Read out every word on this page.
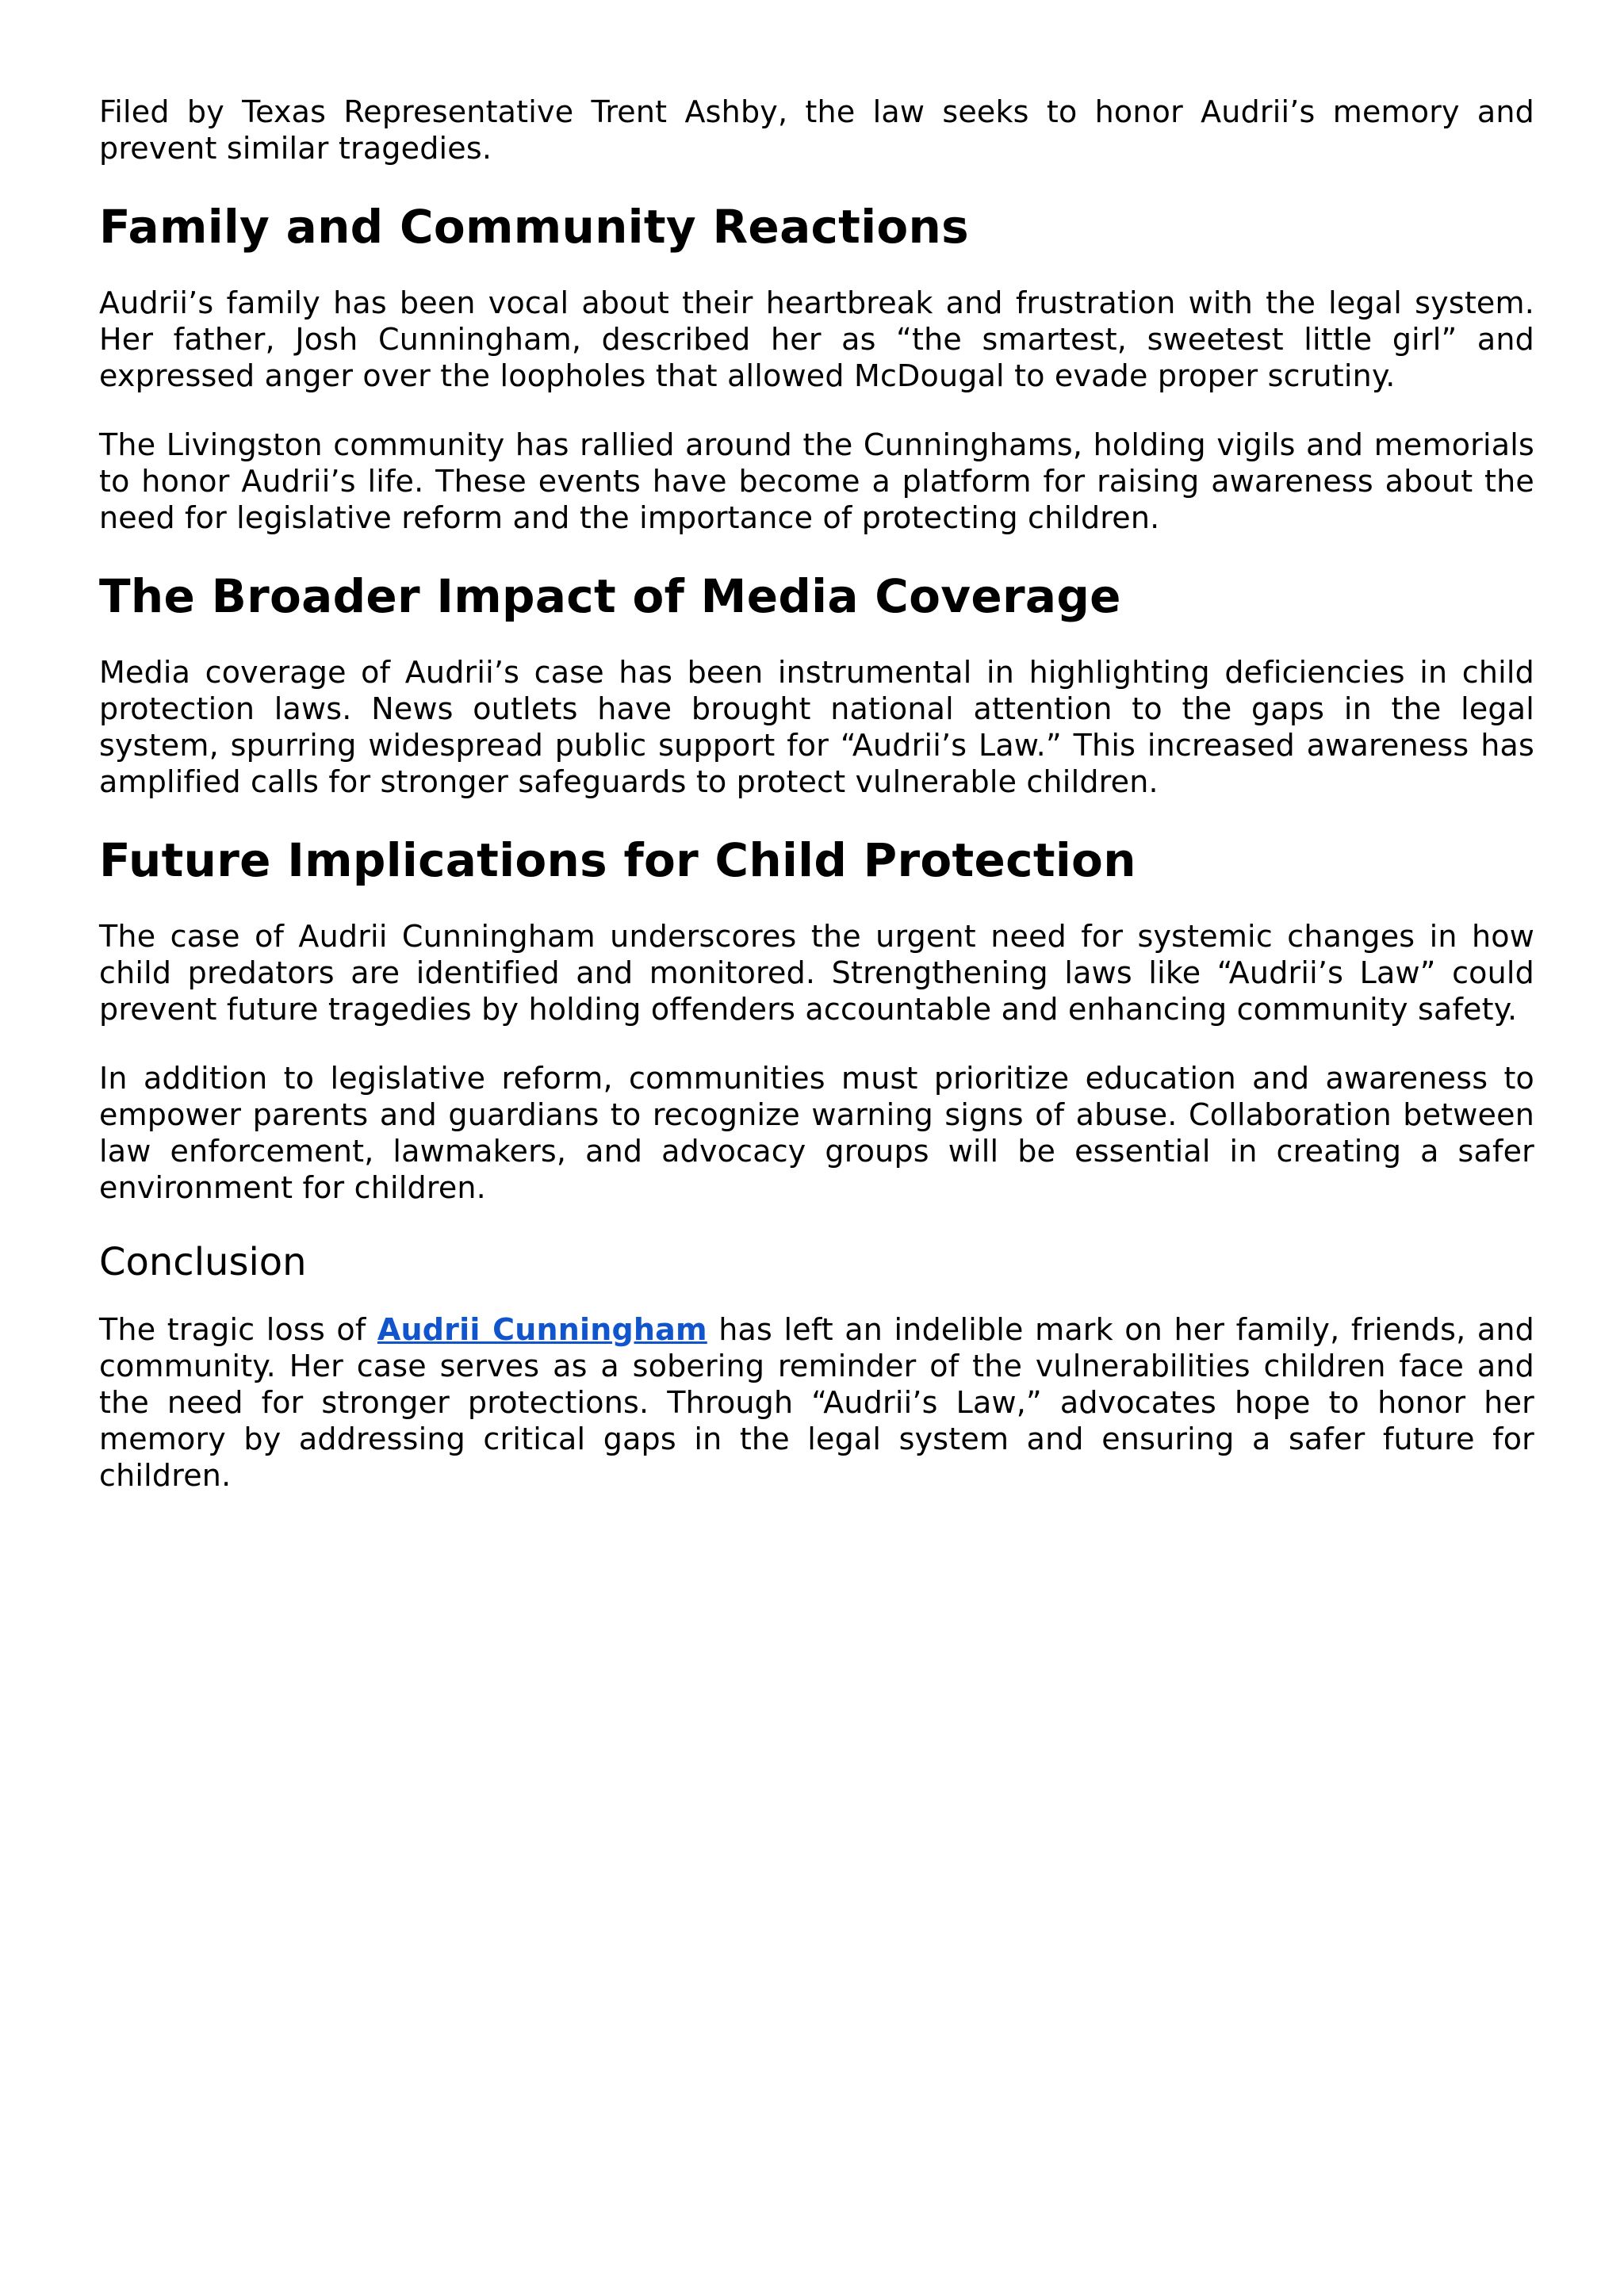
Filed by Texas Representative Trent Ashby, the law seeks to honor Audrii’s memory and prevent similar tragedies.

Family and Community Reactions

Audrii’s family has been vocal about their heartbreak and frustration with the legal system. Her father, Josh Cunningham, described her as “the smartest, sweetest little girl” and expressed anger over the loopholes that allowed McDougal to evade proper scrutiny.

The Livingston community has rallied around the Cunninghams, holding vigils and memorials to honor Audrii’s life. These events have become a platform for raising awareness about the need for legislative reform and the importance of protecting children.

The Broader Impact of Media Coverage

Media coverage of Audrii’s case has been instrumental in highlighting deficiencies in child protection laws. News outlets have brought national attention to the gaps in the legal system, spurring widespread public support for “Audrii’s Law.” This increased awareness has amplified calls for stronger safeguards to protect vulnerable children.

Future Implications for Child Protection

The case of Audrii Cunningham underscores the urgent need for systemic changes in how child predators are identified and monitored. Strengthening laws like “Audrii’s Law” could prevent future tragedies by holding offenders accountable and enhancing community safety.

In addition to legislative reform, communities must prioritize education and awareness to empower parents and guardians to recognize warning signs of abuse. Collaboration between law enforcement, lawmakers, and advocacy groups will be essential in creating a safer environment for children.

Conclusion

The tragic loss of Audrii Cunningham has left an indelible mark on her family, friends, and community. Her case serves as a sobering reminder of the vulnerabilities children face and the need for stronger protections. Through “Audrii’s Law,” advocates hope to honor her memory by addressing critical gaps in the legal system and ensuring a safer future for children.
